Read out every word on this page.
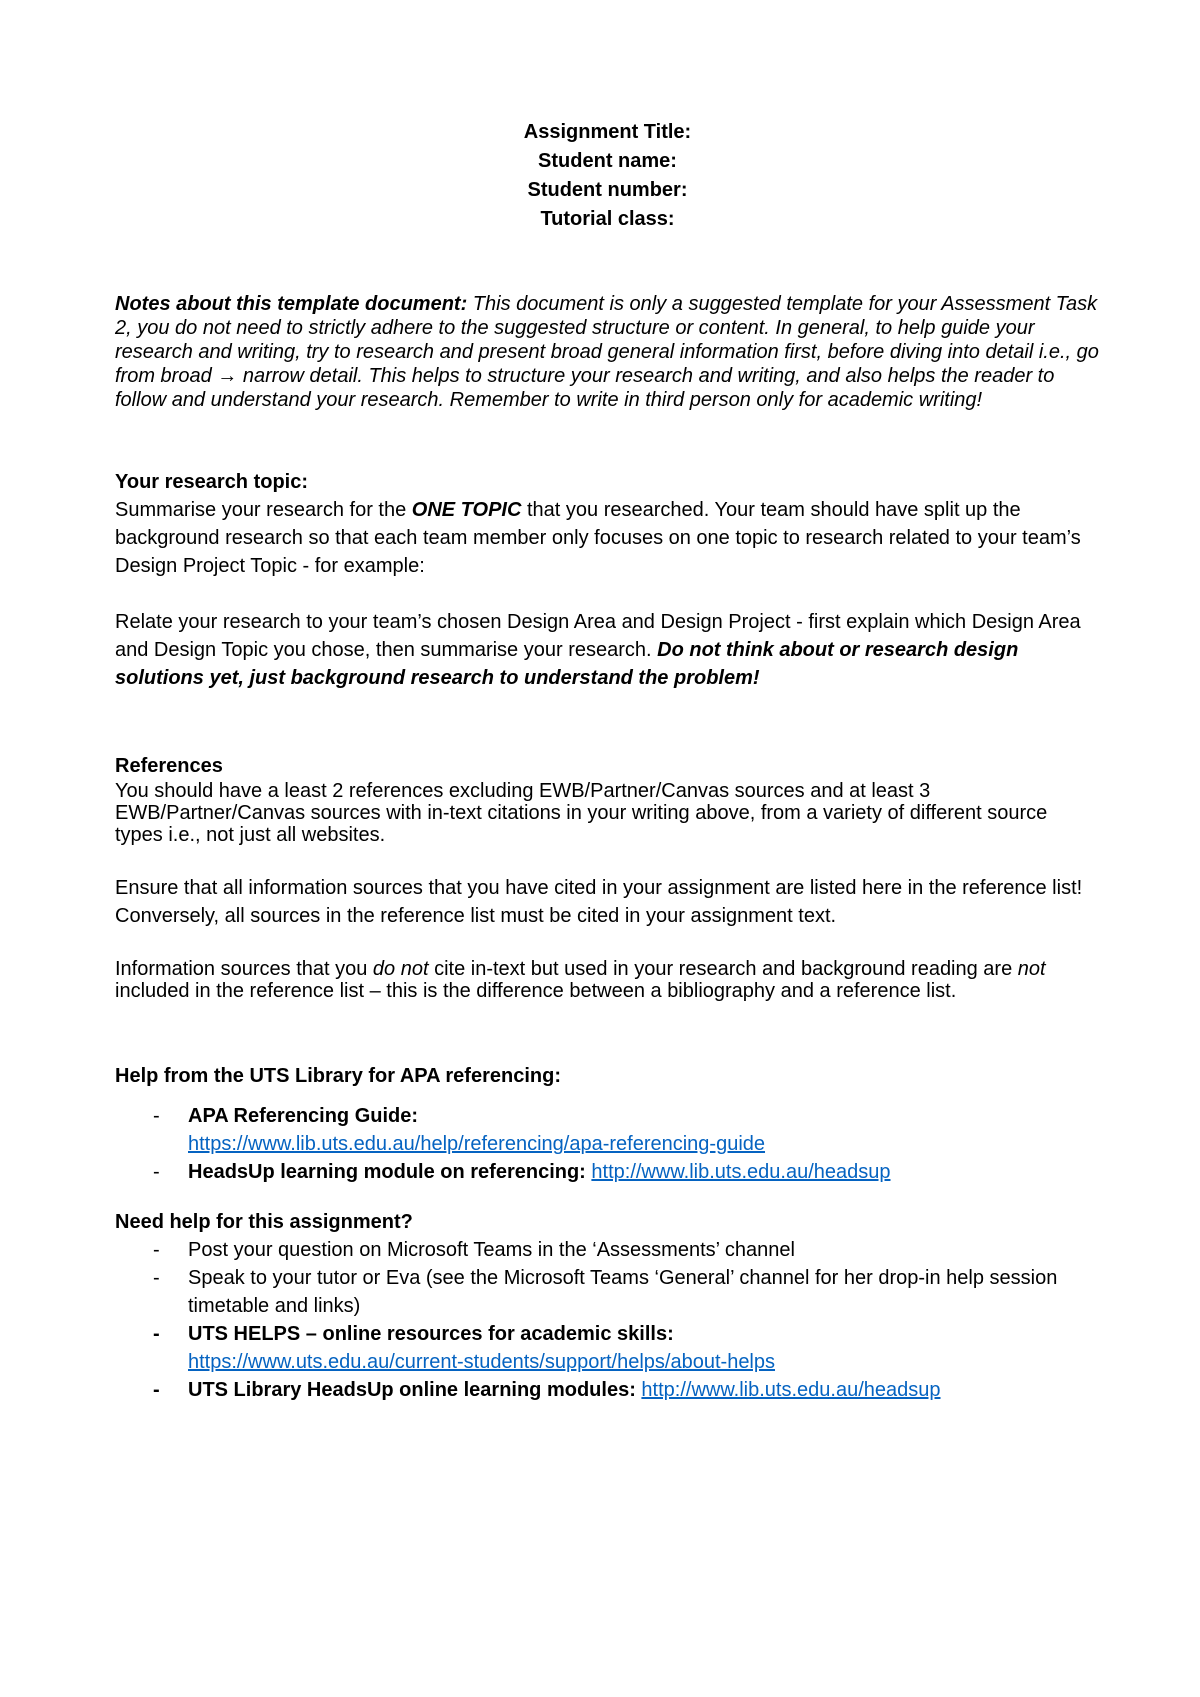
Assignment Title:
Student name:
Student number:
Tutorial class:

Notes about this template document: This document is only a suggested template for your Assessment Task 2, you do not need to strictly adhere to the suggested structure or content. In general, to help guide your research and writing, try to research and present broad general information first, before diving into detail i.e., go from broad → narrow detail. This helps to structure your research and writing, and also helps the reader to follow and understand your research. Remember to write in third person only for academic writing!

Your research topic:

Summarise your research for the ONE TOPIC that you researched. Your team should have split up the background research so that each team member only focuses on one topic to research related to your team’s Design Project Topic - for example:

Relate your research to your team’s chosen Design Area and Design Project - first explain which Design Area and Design Topic you chose, then summarise your research. Do not think about or research design solutions yet, just background research to understand the problem!

References

You should have a least 2 references excluding EWB/Partner/Canvas sources and at least 3 EWB/Partner/Canvas sources with in-text citations in your writing above, from a variety of different source types i.e., not just all websites.

Ensure that all information sources that you have cited in your assignment are listed here in the reference list! Conversely, all sources in the reference list must be cited in your assignment text.

Information sources that you do not cite in-text but used in your research and background reading are not included in the reference list – this is the difference between a bibliography and a reference list.

Help from the UTS Library for APA referencing:
- APA Referencing Guide:
https://www.lib.uts.edu.au/help/referencing/apa-referencing-guide
- HeadsUp learning module on referencing: http://www.lib.uts.edu.au/headsup
Need help for this assignment?
- Post your question on Microsoft Teams in the ‘Assessments’ channel
- Speak to your tutor or Eva (see the Microsoft Teams ‘General’ channel for her drop-in help session timetable and links)
- UTS HELPS – online resources for academic skills:
https://www.uts.edu.au/current-students/support/helps/about-helps
- UTS Library HeadsUp online learning modules: http://www.lib.uts.edu.au/headsup
